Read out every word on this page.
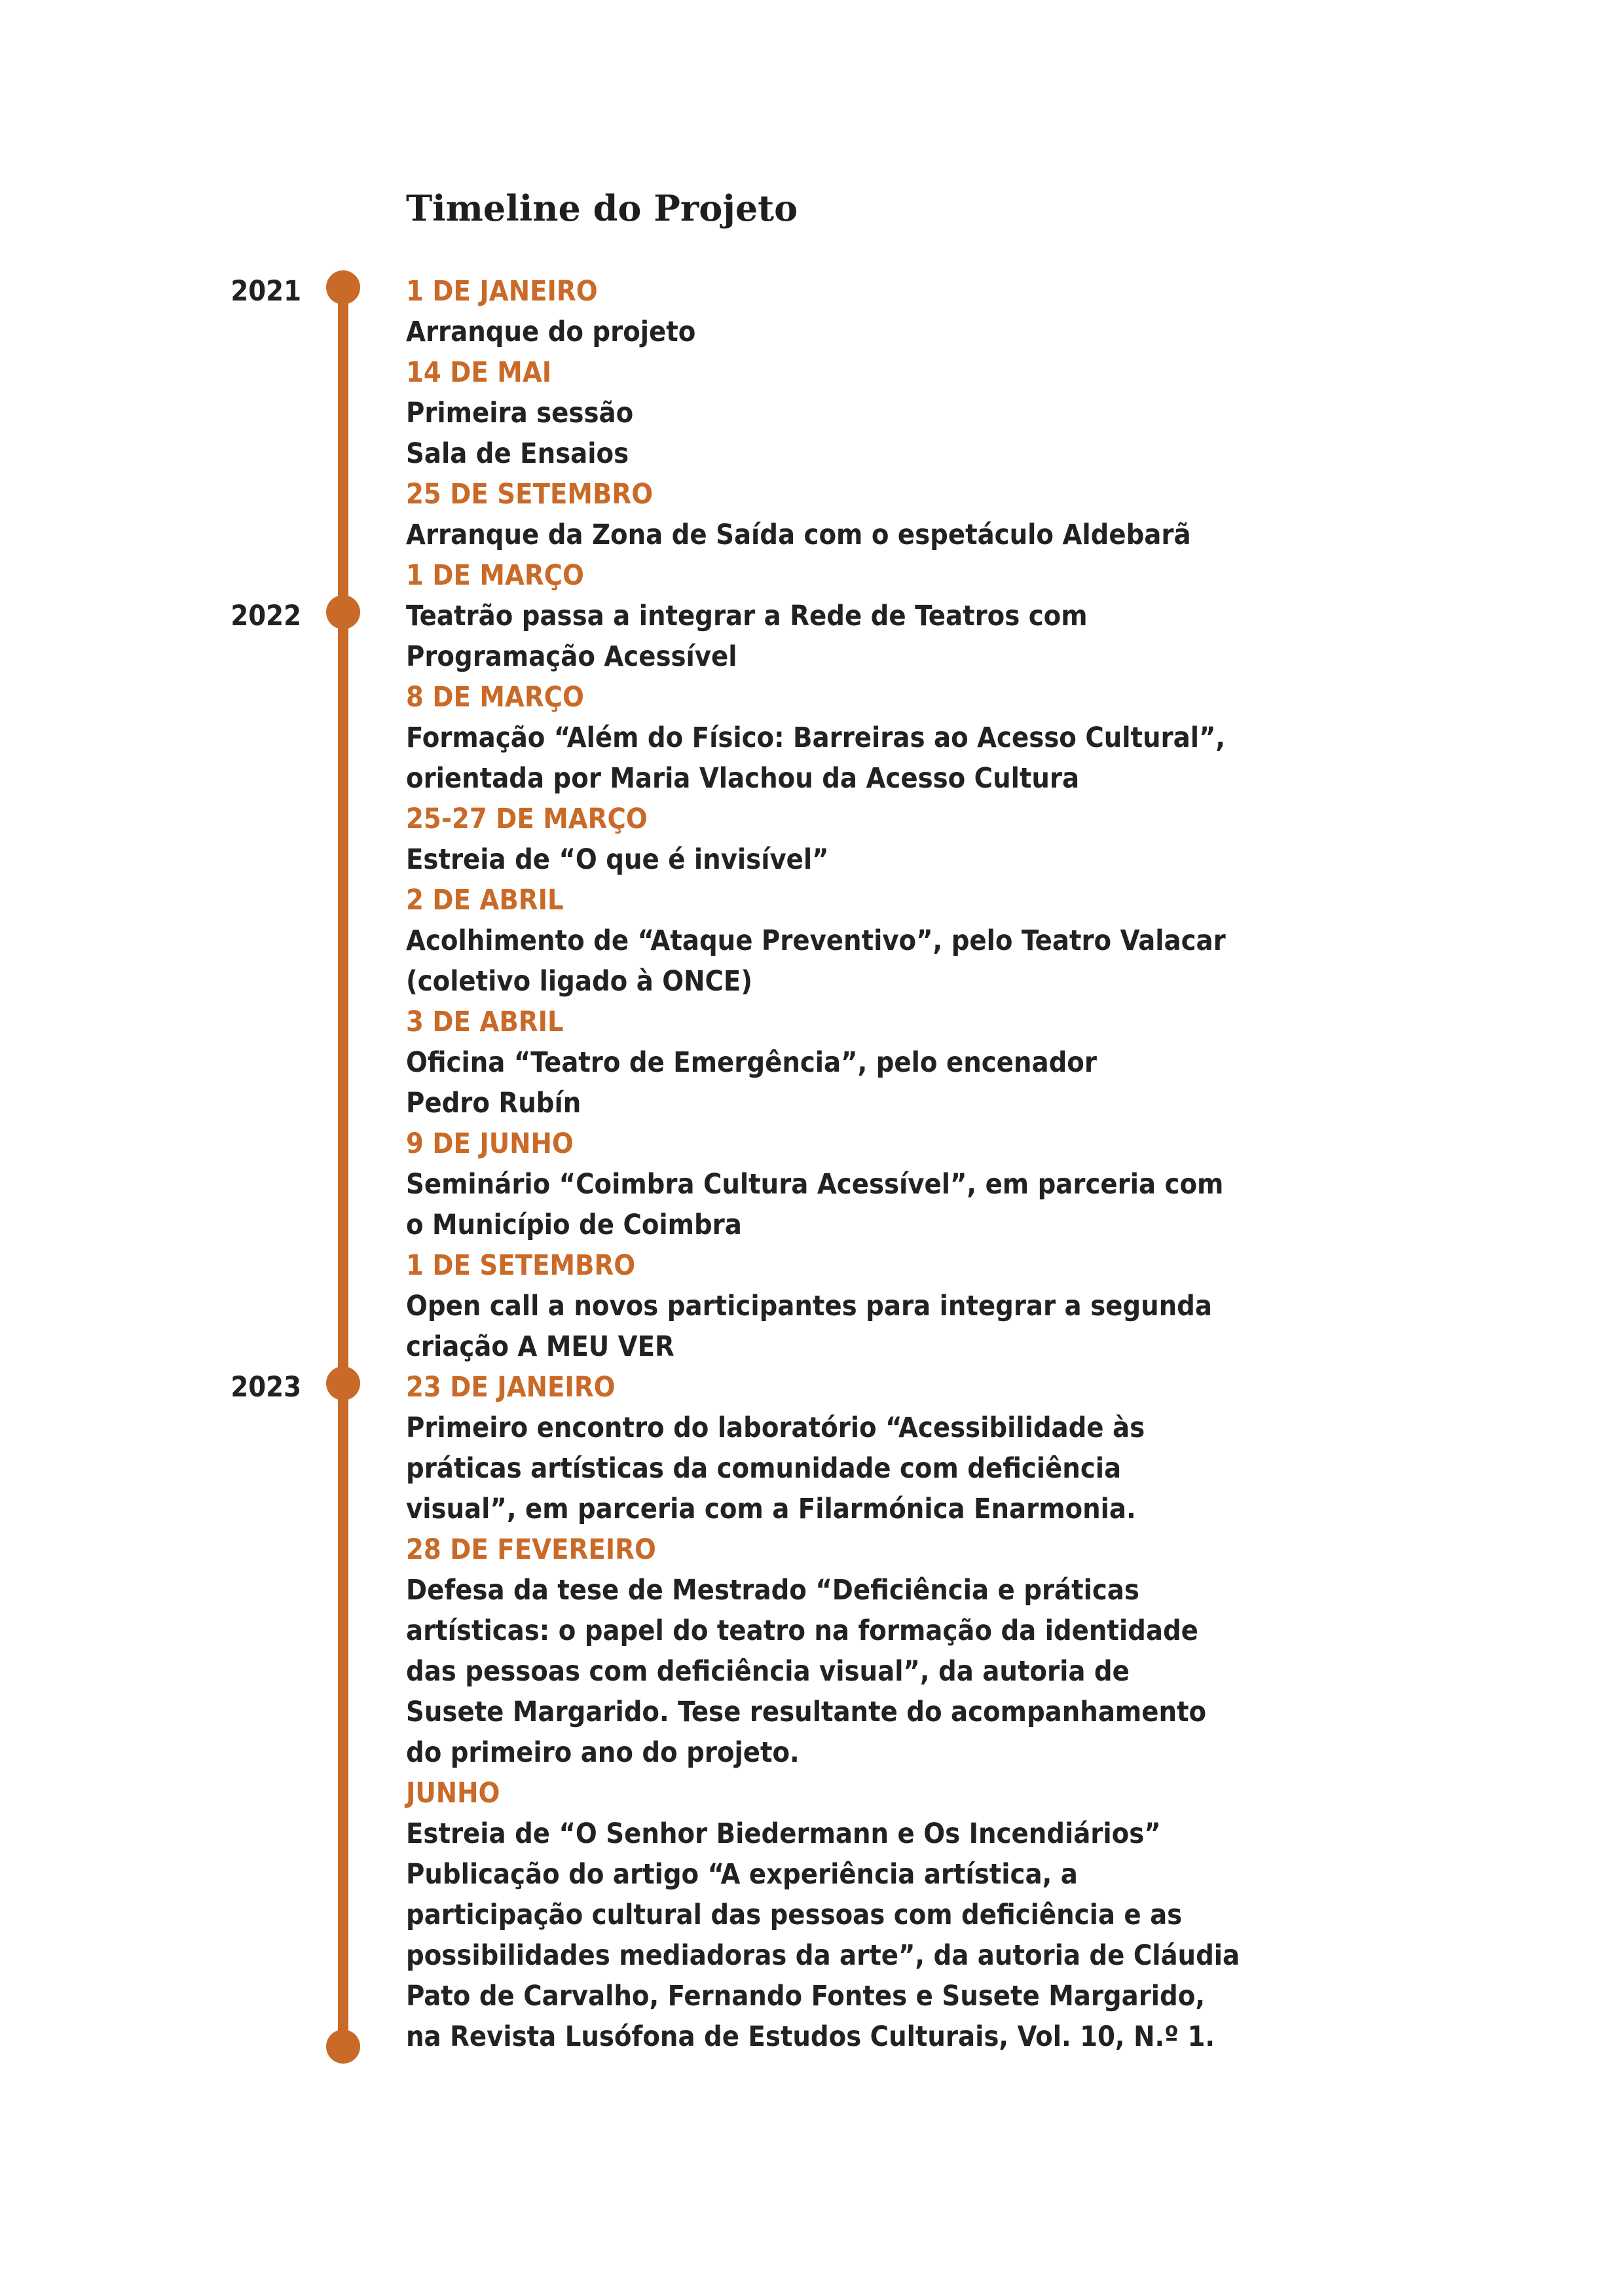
Timeline do Projeto
2021
2022
2023
1 DE JANEIRO
Arranque do projeto
14 DE MAI
Primeira sessão
Sala de Ensaios
25 DE SETEMBRO
Arranque da Zona de Saída com o espetáculo Aldebarã
1 DE MARÇO
Teatrão passa a integrar a Rede de Teatros com
Programação Acessível
8 DE MARÇO
Formação “Além do Físico: Barreiras ao Acesso Cultural”,
orientada por Maria Vlachou da Acesso Cultura
25-27 DE MARÇO
Estreia de “O que é invisível”
2 DE ABRIL
Acolhimento de “Ataque Preventivo”, pelo Teatro Valacar
(coletivo ligado à ONCE)
3 DE ABRIL
Oficina “Teatro de Emergência”, pelo encenador
Pedro Rubín
9 DE JUNHO
Seminário “Coimbra Cultura Acessível”, em parceria com
o Município de Coimbra
1 DE SETEMBRO
Open call a novos participantes para integrar a segunda
criação A MEU VER
23 DE JANEIRO
Primeiro encontro do laboratório “Acessibilidade às
práticas artísticas da comunidade com deficiência
visual”, em parceria com a Filarmónica Enarmonia.
28 DE FEVEREIRO
Defesa da tese de Mestrado “Deficiência e práticas
artísticas: o papel do teatro na formação da identidade
das pessoas com deficiência visual”, da autoria de
Susete Margarido. Tese resultante do acompanhamento
do primeiro ano do projeto.
JUNHO
Estreia de “O Senhor Biedermann e Os Incendiários”
Publicação do artigo “A experiência artística, a
participação cultural das pessoas com deficiência e as
possibilidades mediadoras da arte”, da autoria de Cláudia
Pato de Carvalho, Fernando Fontes e Susete Margarido,
na Revista Lusófona de Estudos Culturais, Vol. 10, N.º 1.
